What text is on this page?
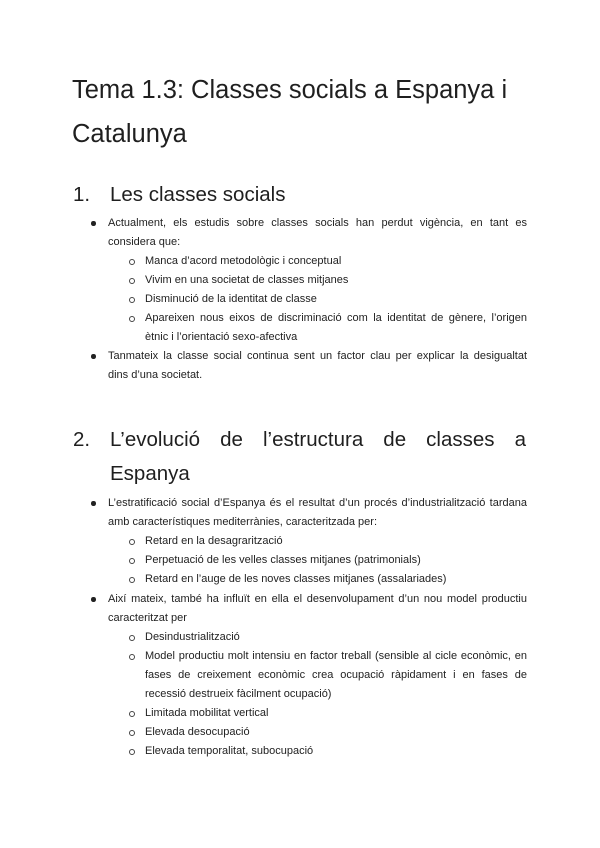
Tema 1.3: Classes socials a Espanya i Catalunya
1. Les classes socials
Actualment, els estudis sobre classes socials han perdut vigència, en tant es
considera que:
Manca d’acord metodològic i conceptual
Vivim en una societat de classes mitjanes
Disminució de la identitat de classe
Apareixen nous eixos de discriminació com la identitat de gènere, l’origen
ètnic i l’orientació sexo-afectiva
Tanmateix la classe social continua sent un factor clau per explicar la desigualtat
dins d’una societat.
2. L’evolució de l’estructura de classes a
Espanya
L’estratificació social d’Espanya és el resultat d’un procés d’industrialització tardana
amb característiques mediterrànies, caracteritzada per:
Retard en la desagrarització
Perpetuació de les velles classes mitjanes (patrimonials)
Retard en l’auge de les noves classes mitjanes (assalariades)
Així mateix, també ha influït en ella el desenvolupament d’un nou model productiu
caracteritzat per
Desindustrialització
Model productiu molt intensiu en factor treball (sensible al cicle econòmic, en
fases de creixement econòmic crea ocupació ràpidament i en fases de
recessió destrueix fàcilment ocupació)
Limitada mobilitat vertical
Elevada desocupació
Elevada temporalitat, subocupació
